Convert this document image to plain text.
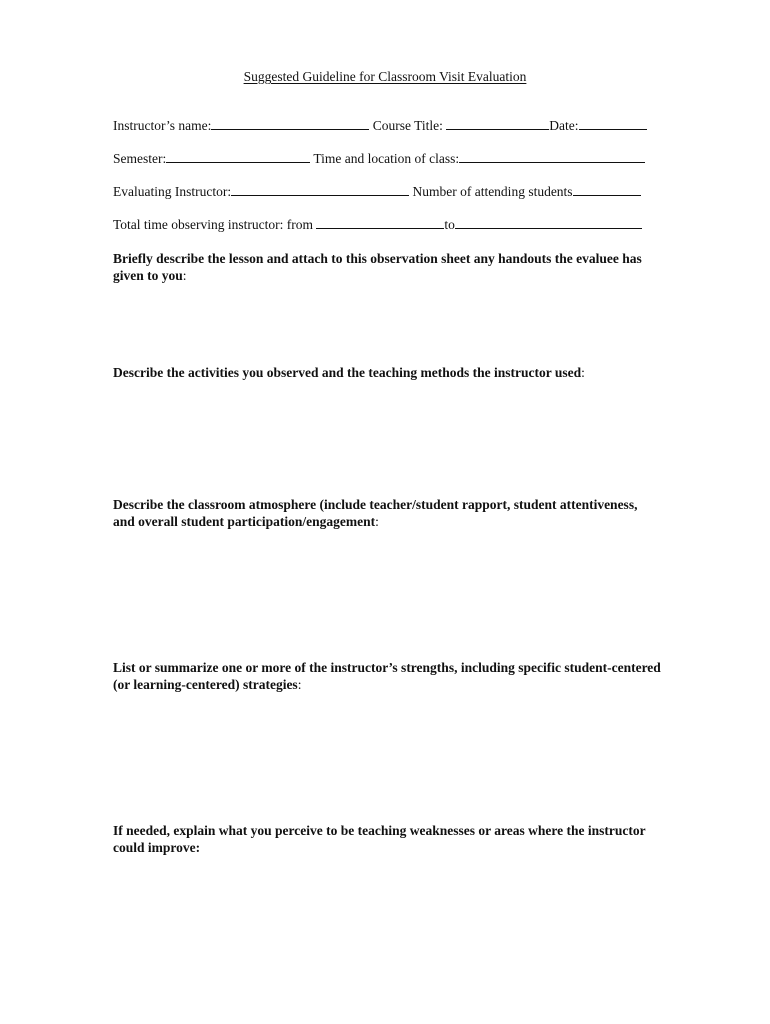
Suggested Guideline for Classroom Visit Evaluation
Instructor’s name:	Course Title:	Date:
Semester:	Time and location of class:
Evaluating Instructor:	Number of attending students
Total time observing instructor: from	to
Briefly describe the lesson and attach to this observation sheet any handouts the evaluee has given to you:
Describe the activities you observed and the teaching methods the instructor used:
Describe the classroom atmosphere (include teacher/student rapport, student attentiveness, and overall student participation/engagement:
List or summarize one or more of the instructor’s strengths, including specific student-centered (or learning-centered) strategies:
If needed, explain what you perceive to be teaching weaknesses or areas where the instructor could improve:
